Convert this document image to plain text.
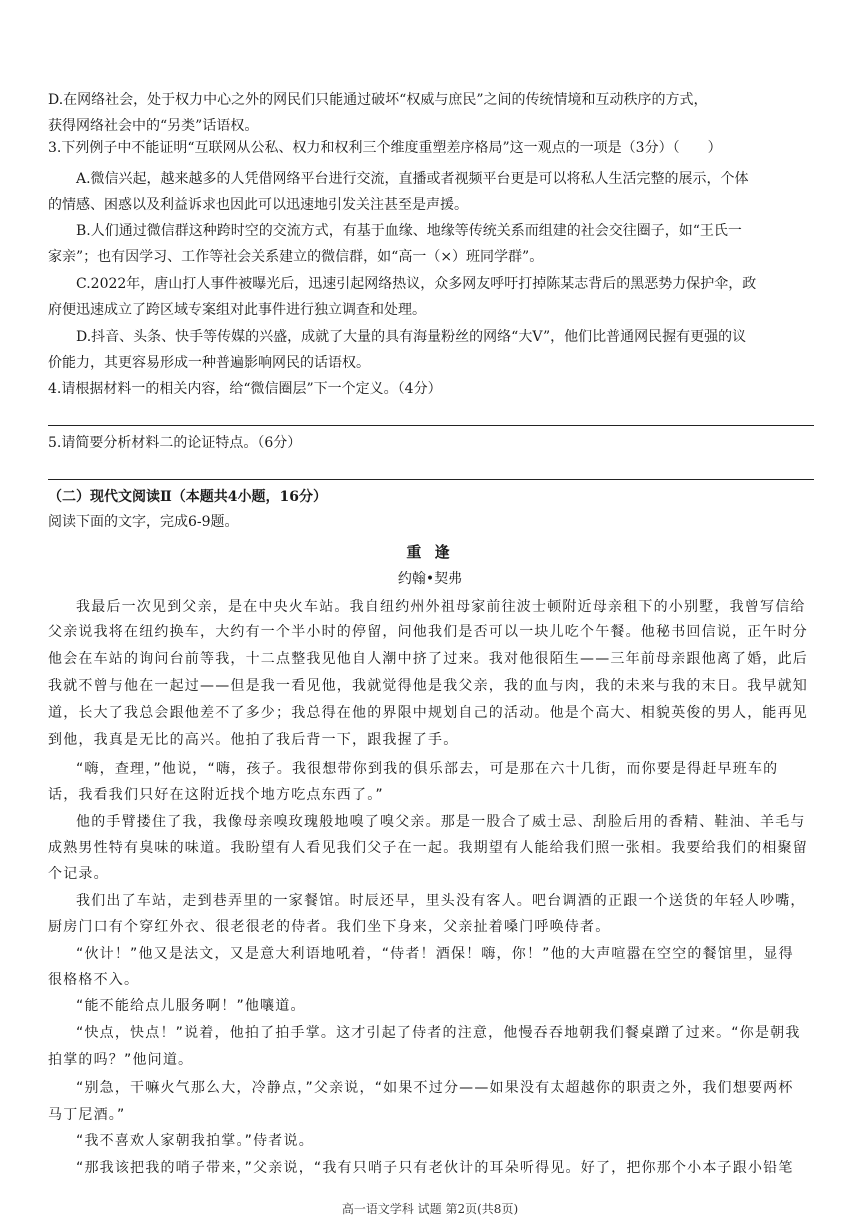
D.在网络社会，处于权力中心之外的网民们只能通过破坏“权威与庶民”之间的传统情境和互动秩序的方式，
获得网络社会中的“另类”话语权。
3.下列例子中不能证明“互联网从公私、权力和权利三个维度重塑差序格局”这一观点的一项是（3分）（　　）
A.微信兴起，越来越多的人凭借网络平台进行交流，直播或者视频平台更是可以将私人生活完整的展示，个体
的情感、困惑以及利益诉求也因此可以迅速地引发关注甚至是声援。
B.人们通过微信群这种跨时空的交流方式，有基于血缘、地缘等传统关系而组建的社会交往圈子，如“王氏一
家亲”；也有因学习、工作等社会关系建立的微信群，如“高一（×）班同学群”。
C.2022年，唐山打人事件被曝光后，迅速引起网络热议，众多网友呼吁打掉陈某志背后的黑恶势力保护伞，政
府便迅速成立了跨区域专案组对此事件进行独立调查和处理。
D.抖音、头条、快手等传媒的兴盛，成就了大量的具有海量粉丝的网络“大V”，他们比普通网民握有更强的议
价能力，其更容易形成一种普遍影响网民的话语权。
4.请根据材料一的相关内容，给“微信圈层”下一个定义。（4分）
5.请简要分析材料二的论证特点。（6分）
（二）现代文阅读Ⅱ（本题共4小题，16分）
阅读下面的文字，完成6-9题。
重 逢
约翰•契弗
我最后一次见到父亲，是在中央火车站。我自纽约州外祖母家前往波士顿附近母亲租下的小别墅，我曾写信给
父亲说我将在纽约换车，大约有一个半小时的停留，问他我们是否可以一块儿吃个午餐。他秘书回信说，正午时分
他会在车站的询问台前等我，十二点整我见他自人潮中挤了过来。我对他很陌生——三年前母亲跟他离了婚，此后
我就不曾与他在一起过——但是我一看见他，我就觉得他是我父亲，我的血与肉，我的未来与我的末日。我早就知
道，长大了我总会跟他差不了多少；我总得在他的界限中规划自己的活动。他是个高大、相貌英俊的男人，能再见
到他，我真是无比的高兴。他拍了我后背一下，跟我握了手。
“嗨，查理，”他说，“嗨，孩子。我很想带你到我的俱乐部去，可是那在六十几街，而你要是得赶早班车的
话，我看我们只好在这附近找个地方吃点东西了。”
他的手臂搂住了我，我像母亲嗅玫瑰般地嗅了嗅父亲。那是一股合了威士忌、刮脸后用的香精、鞋油、羊毛与
成熟男性特有臭味的味道。我盼望有人看见我们父子在一起。我期望有人能给我们照一张相。我要给我们的相聚留
个记录。
我们出了车站，走到巷弄里的一家餐馆。时辰还早，里头没有客人。吧台调酒的正跟一个送货的年轻人吵嘴，
厨房门口有个穿红外衣、很老很老的侍者。我们坐下身来，父亲扯着嗓门呼唤侍者。
“伙计！”他又是法文，又是意大利语地吼着，“侍者！酒保！嗨，你！”他的大声喧嚣在空空的餐馆里，显得
很格格不入。
“能不能给点儿服务啊！”他嚷道。
“快点，快点！”说着，他拍了拍手掌。这才引起了侍者的注意，他慢吞吞地朝我们餐桌蹭了过来。“你是朝我
拍掌的吗？”他问道。
“别急，干嘛火气那么大，冷静点，”父亲说，“如果不过分——如果没有太超越你的职责之外，我们想要两杯
马丁尼酒。”
“我不喜欢人家朝我拍掌。”侍者说。
“那我该把我的哨子带来，”父亲说，“我有只哨子只有老伙计的耳朵听得见。好了，把你那个小本子跟小铅笔
高一语文学科 试题 第2页(共8页)
